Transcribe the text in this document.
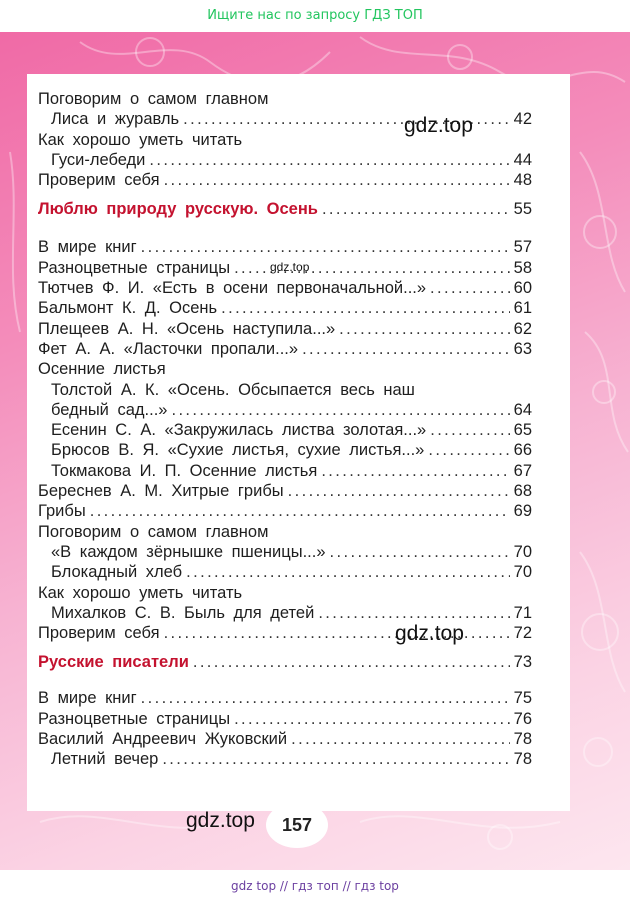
Ищите нас по запросу ГДЗ ТОП
Поговорим о самом главном
Лиса и журавль .....	42
Как хорошо уметь читать
Гуси-лебеди .....	44
Проверим себя .....	48
Люблю природу русскую. Осень .....	55
В мире книг .....	57
Разноцветные страницы .....	58
Тютчев Ф. И. «Есть в осени первоначальной...» .....	60
Бальмонт К. Д. Осень .....	61
Плещеев А. Н. «Осень наступила...» .....	62
Фет А. А. «Ласточки пропали...» .....	63
Осенние листья
Толстой А. К. «Осень. Обсыпается весь наш
бедный сад...» .....	64
Есенин С. А. «Закружилась листва золотая...» .....	65
Брюсов В. Я. «Сухие листья, сухие листья...» .....	66
Токмакова И. П. Осенние листья .....	67
Береснев А. М. Хитрые грибы .....	68
Грибы .....	69
Поговорим о самом главном
«В каждом зёрнышке пшеницы...» .....	70
Блокадный хлеб .....	70
Как хорошо уметь читать
Михалков С. В. Быль для детей .....	71
Проверим себя .....	72
Русские писатели .....	73
В мире книг .....	75
Разноцветные страницы .....	76
Василий Андреевич Жуковский .....	78
Летний вечер .....	78
gdz.top
gdz.top
gdz.top
gdz.top	157
gdz top // гдз топ // гдз top
